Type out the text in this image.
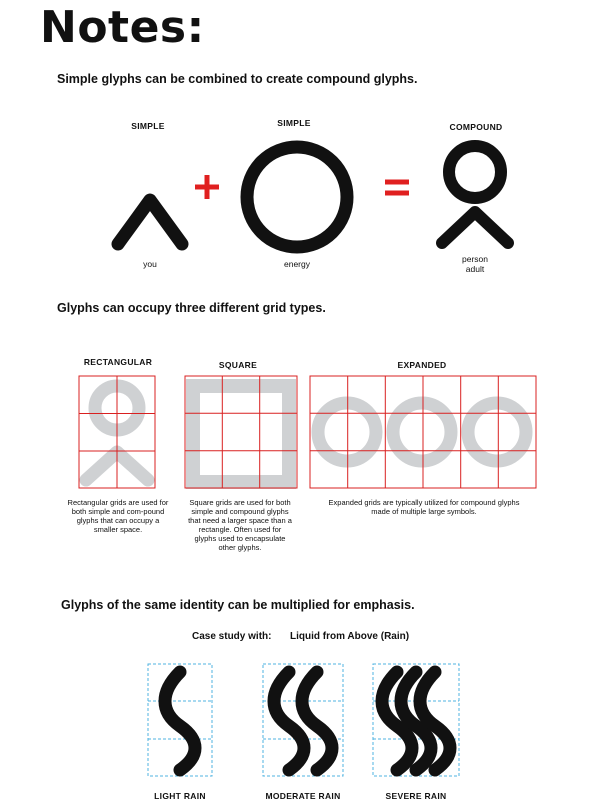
Notes:
Simple glyphs can be combined to create compound glyphs.
SIMPLE	SIMPLE	COMPOUND
you	energy	person
adult
Glyphs can occupy three different grid types.
RECTANGULAR	SQUARE	EXPANDED
Rectangular grids are used for both simple and com-pound glyphs that can occupy a smaller space.
Square grids are used for both simple and compound glyphs that need a larger space than a rectangle. Often used for glyphs used to encapsulate other glyphs.
Expanded grids are typically utilized for compound glyphs made of multiple large symbols.
Glyphs of the same identity can be multiplied for emphasis.
Case study with: Liquid from Above (Rain)
LIGHT RAIN	MODERATE RAIN	SEVERE RAIN
